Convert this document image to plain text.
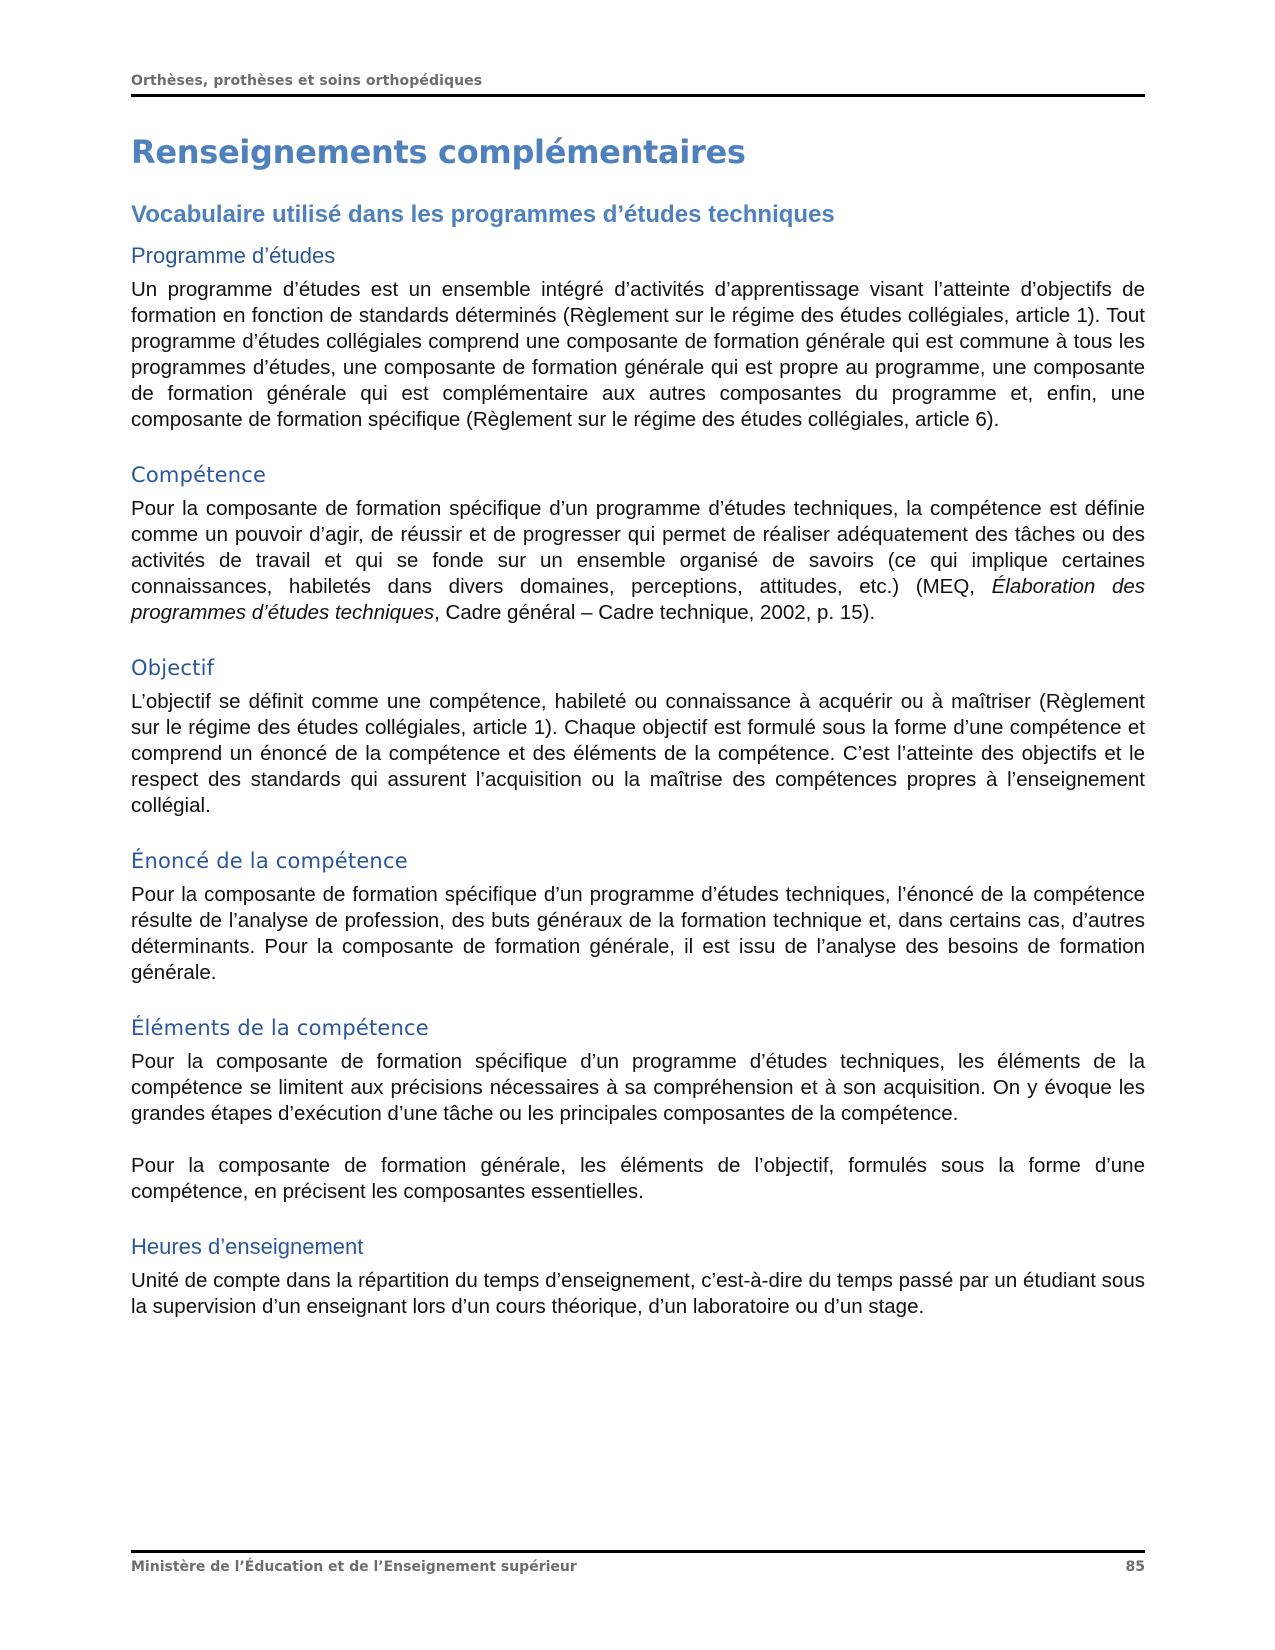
Orthèses, prothèses et soins orthopédiques
Renseignements complémentaires
Vocabulaire utilisé dans les programmes d’études techniques
Programme d’études

Un programme d’études est un ensemble intégré d’activités d’apprentissage visant l’atteinte d’objectifs de formation en fonction de standards déterminés (Règlement sur le régime des études collégiales, article 1). Tout programme d’études collégiales comprend une composante de formation générale qui est commune à tous les programmes d’études, une composante de formation générale qui est propre au programme, une composante de formation générale qui est complémentaire aux autres composantes du programme et, enfin, une composante de formation spécifique (Règlement sur le régime des études collégiales, article 6).

Compétence

Pour la composante de formation spécifique d’un programme d’études techniques, la compétence est définie comme un pouvoir d’agir, de réussir et de progresser qui permet de réaliser adéquatement des tâches ou des activités de travail et qui se fonde sur un ensemble organisé de savoirs (ce qui implique certaines connaissances, habiletés dans divers domaines, perceptions, attitudes, etc.) (MEQ, Élaboration des programmes d’études techniques, Cadre général – Cadre technique, 2002, p. 15).

Objectif

L’objectif se définit comme une compétence, habileté ou connaissance à acquérir ou à maîtriser (Règlement sur le régime des études collégiales, article 1). Chaque objectif est formulé sous la forme d’une compétence et comprend un énoncé de la compétence et des éléments de la compétence. C’est l’atteinte des objectifs et le respect des standards qui assurent l’acquisition ou la maîtrise des compétences propres à l’enseignement collégial.

Énoncé de la compétence

Pour la composante de formation spécifique d’un programme d’études techniques, l’énoncé de la compétence résulte de l’analyse de profession, des buts généraux de la formation technique et, dans certains cas, d’autres déterminants. Pour la composante de formation générale, il est issu de l’analyse des besoins de formation générale.

Éléments de la compétence

Pour la composante de formation spécifique d’un programme d’études techniques, les éléments de la compétence se limitent aux précisions nécessaires à sa compréhension et à son acquisition. On y évoque les grandes étapes d’exécution d’une tâche ou les principales composantes de la compétence.

Pour la composante de formation générale, les éléments de l’objectif, formulés sous la forme d’une compétence, en précisent les composantes essentielles.

Heures d’enseignement

Unité de compte dans la répartition du temps d’enseignement, c’est-à-dire du temps passé par un étudiant sous la supervision d’un enseignant lors d’un cours théorique, d’un laboratoire ou d’un stage.

Ministère de l’Éducation et de l’Enseignement supérieur	85
